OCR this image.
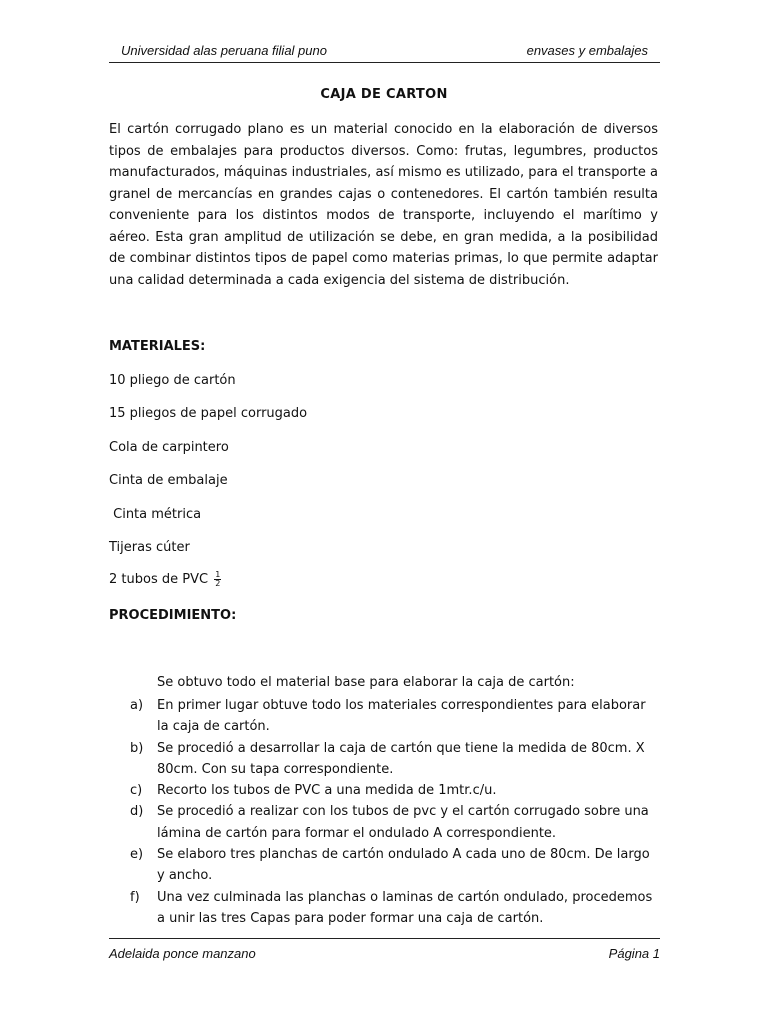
Universidad alas peruana filial puno	envases y embalajes
CAJA DE CARTON

El cartón corrugado plano es un material conocido en la elaboración de diversos tipos de embalajes para productos diversos. Como: frutas, legumbres, productos manufacturados, máquinas industriales, así mismo es utilizado, para el transporte a granel de mercancías en grandes cajas o contenedores. El cartón también resulta conveniente para los distintos modos de transporte, incluyendo el marítimo y aéreo. Esta gran amplitud de utilización se debe, en gran medida, a la posibilidad de combinar distintos tipos de papel como materias primas, lo que permite adaptar una calidad determinada a cada exigencia del sistema de distribución.

MATERIALES:
10 pliego de cartón
15 pliegos de papel corrugado
Cola de carpintero
Cinta de embalaje
Cinta métrica
Tijeras cúter
2 tubos de PVC $\frac{1}{2}$
PROCEDIMIENTO:
Se obtuvo todo el material base para elaborar la caja de cartón:
a) En primer lugar obtuve todo los materiales correspondientes para elaborar la caja de cartón.
b) Se procedió a desarrollar la caja de cartón que tiene la medida de 80cm. X 80cm. Con su tapa correspondiente.
c) Recorto los tubos de PVC a una medida de 1mtr.c/u.
d) Se procedió a realizar con los tubos de pvc y el cartón corrugado sobre una lámina de cartón para formar el ondulado A correspondiente.
e) Se elaboro tres planchas de cartón ondulado A cada uno de 80cm. De largo y ancho.
f) Una vez culminada las planchas o laminas de cartón ondulado, procedemos a unir las tres Capas para poder formar una caja de cartón.
Adelaida ponce manzano	Página 1
